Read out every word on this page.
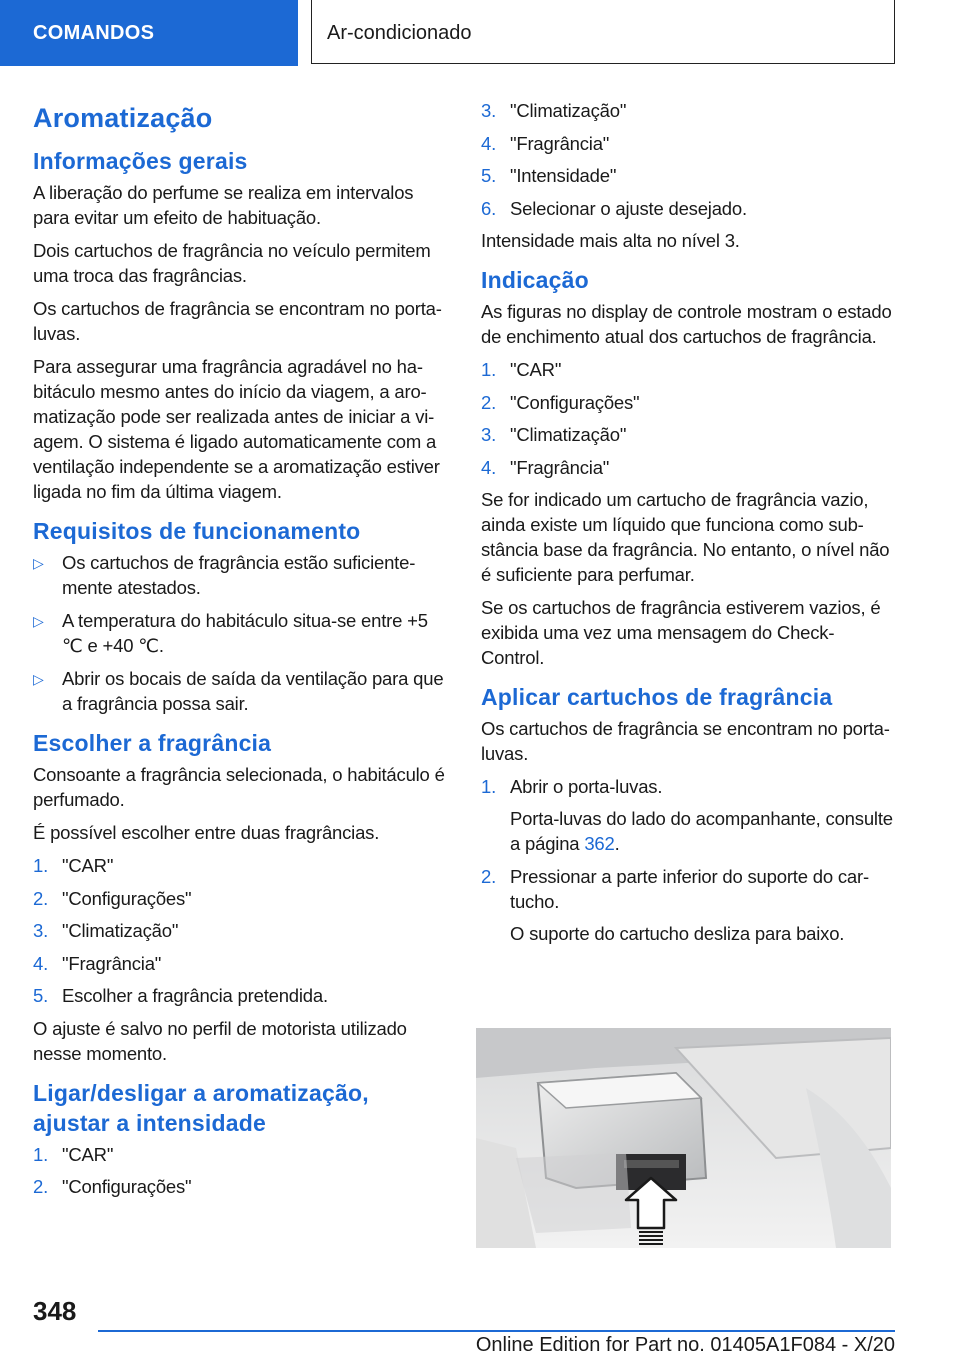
COMANDOS	Ar-condicionado
Aromatização
Informações gerais

A liberação do perfume se realiza em intervalos para evitar um efeito de habituação.

Dois cartuchos de fragrância no veículo permitem uma troca das fragrâncias.

Os cartuchos de fragrância se encontram no porta-luvas.

Para assegurar uma fragrância agradável no habitáculo mesmo antes do início da viagem, a aromatização pode ser realizada antes de iniciar a viagem. O sistema é ligado automaticamente com a ventilação independente se a aromatização estiver ligada no fim da última viagem.

Requisitos de funcionamento
▷ Os cartuchos de fragrância estão suficientemente atestados.
▷ A temperatura do habitáculo situa-se entre +5 ℃ e +40 ℃.
▷ Abrir os bocais de saída da ventilação para que a fragrância possa sair.
Escolher a fragrância

Consoante a fragrância selecionada, o habitáculo é perfumado.

É possível escolher entre duas fragrâncias.

1. "CAR"
2. "Configurações"
3. "Climatização"
4. "Fragrância"
5. Escolher a fragrância pretendida.

O ajuste é salvo no perfil de motorista utilizado nesse momento.

Ligar/desligar a aromatização, ajustar a intensidade
1. "CAR"
2. "Configurações"
3. "Climatização"
4. "Fragrância"
5. "Intensidade"
6. Selecionar o ajuste desejado.

Intensidade mais alta no nível 3.

Indicação

As figuras no display de controle mostram o estado de enchimento atual dos cartuchos de fragrância.

1. "CAR"
2. "Configurações"
3. "Climatização"
4. "Fragrância"

Se for indicado um cartucho de fragrância vazio, ainda existe um líquido que funciona como substância base da fragrância. No entanto, o nível não é suficiente para perfumar.

Se os cartuchos de fragrância estiverem vazios, é exibida uma vez uma mensagem do Check-Control.

Aplicar cartuchos de fragrância

Os cartuchos de fragrância se encontram no porta-luvas.

1. Abrir o porta-luvas.
Porta-luvas do lado do acompanhante, consulte a página 362.
2. Pressionar a parte inferior do suporte do cartucho.
O suporte do cartucho desliza para baixo.
348
Online Edition for Part no. 01405A1F084 - X/20
